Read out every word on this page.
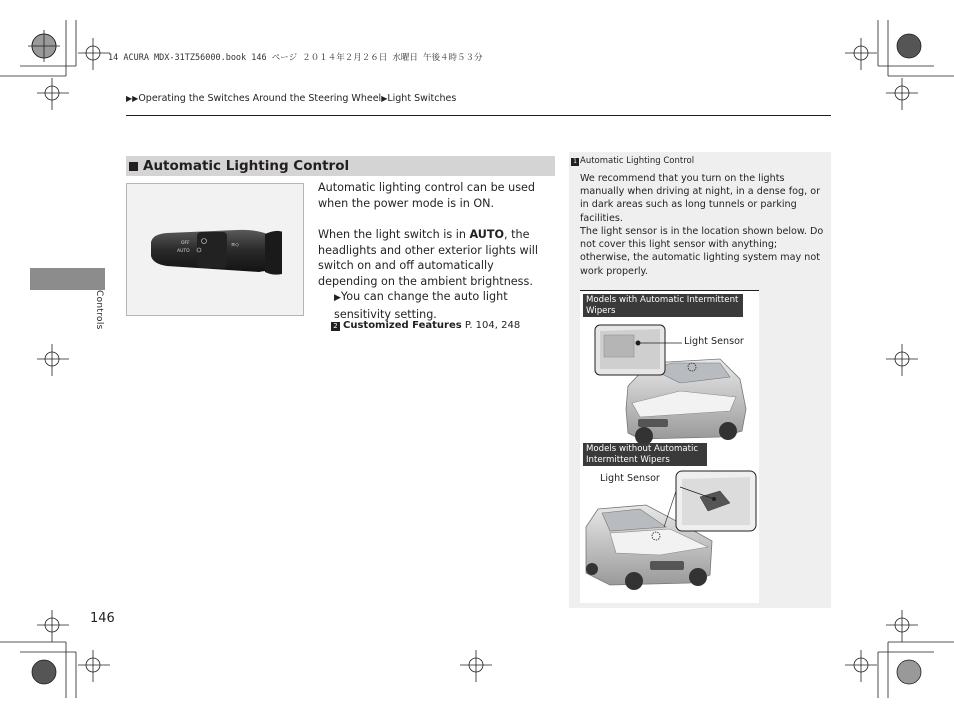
14 ACURA MDX-31TZ56000.book 146 ページ ２０１４年２月２６日 水曜日 午後４時５３分
▶▶Operating the Switches Around the Steering Wheel▶Light Switches
Controls
Automatic Lighting Control
OFF
AUTO
≡◇
Automatic lighting control can be used when the power mode is in ON.
When the light switch is in AUTO, the headlights and other exterior lights will switch on and off automatically depending on the ambient brightness.
▶You can change the auto light sensitivity setting.
2 Customized Features P. 104, 248
1 Automatic Lighting Control
We recommend that you turn on the lights manually when driving at night, in a dense fog, or in dark areas such as long tunnels or parking facilities.
The light sensor is in the location shown below. Do not cover this light sensor with anything; otherwise, the automatic lighting system may not work properly.
Models with Automatic Intermittent Wipers
Models without Automatic Intermittent Wipers
Light Sensor
Light Sensor
146
